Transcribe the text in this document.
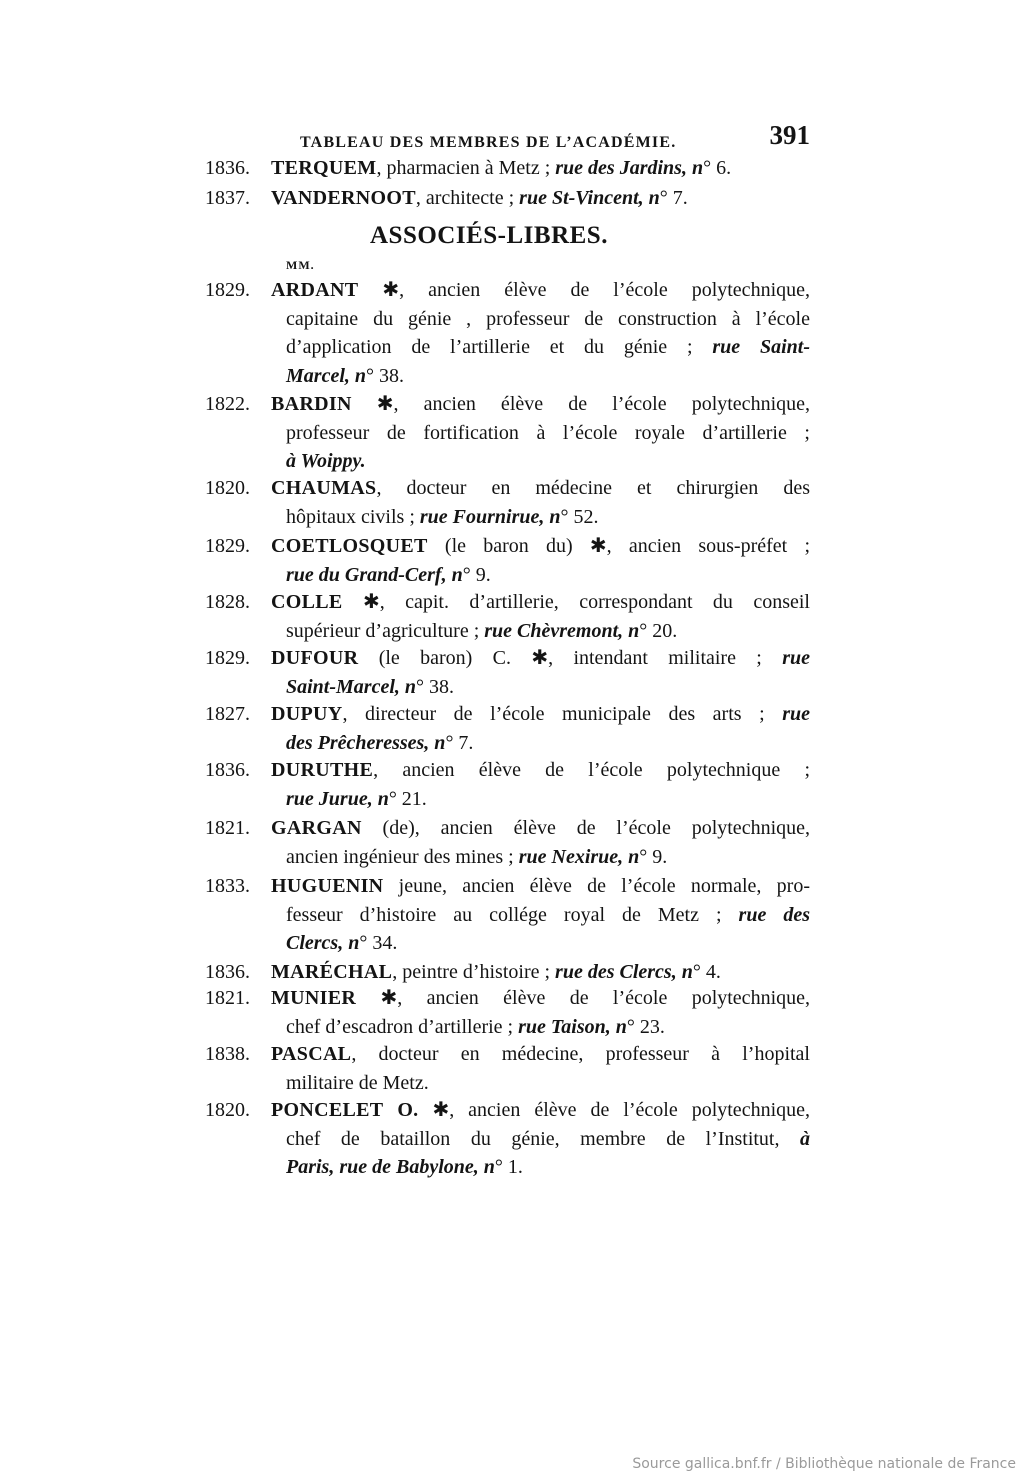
TABLEAU DES MEMBRES DE L’ACADÉMIE.	391
ASSOCIÉS-LIBRES.
MM.
Source gallica.bnf.fr / Bibliothèque nationale de France
1836. TERQUEM, pharmacien à Metz ; rue des Jardins, n° 6.
1837. VANDERNOOT, architecte ; rue St-Vincent, n° 7.
1829. ARDANT ✱, ancien élève de l’école polytechnique,
capitaine du génie , professeur de construction à l’école
d’application de l’artillerie et du génie ; rue Saint-
Marcel, n° 38.
1822. BARDIN ✱, ancien élève de l’école polytechnique,
professeur de fortification à l’école royale d’artillerie ;
à Woippy.
1820. CHAUMAS, docteur en médecine et chirurgien des
hôpitaux civils ; rue Fournirue, n° 52.
1829. COETLOSQUET (le baron du) ✱, ancien sous-préfet ;
rue du Grand-Cerf, n° 9.
1828. COLLE ✱, capit. d’artillerie, correspondant du conseil
supérieur d’agriculture ; rue Chèvremont, n° 20.
1829. DUFOUR (le baron) C. ✱, intendant militaire ; rue
Saint-Marcel, n° 38.
1827. DUPUY, directeur de l’école municipale des arts ; rue
des Prêcheresses, n° 7.
1836. DURUTHE, ancien élève de l’école polytechnique ;
rue Jurue, n° 21.
1821. GARGAN (de), ancien élève de l’école polytechnique,
ancien ingénieur des mines ; rue Nexirue, n° 9.
1833. HUGUENIN jeune, ancien élève de l’école normale, pro-
fesseur d’histoire au collége royal de Metz ; rue des
Clercs, n° 34.
1836. MARÉCHAL, peintre d’histoire ; rue des Clercs, n° 4.
1821. MUNIER ✱, ancien élève de l’école polytechnique,
chef d’escadron d’artillerie ; rue Taison, n° 23.
1838. PASCAL, docteur en médecine, professeur à l’hopital
militaire de Metz.
1820. PONCELET O. ✱, ancien élève de l’école polytechnique,
chef de bataillon du génie, membre de l’Institut, à
Paris, rue de Babylone, n° 1.
